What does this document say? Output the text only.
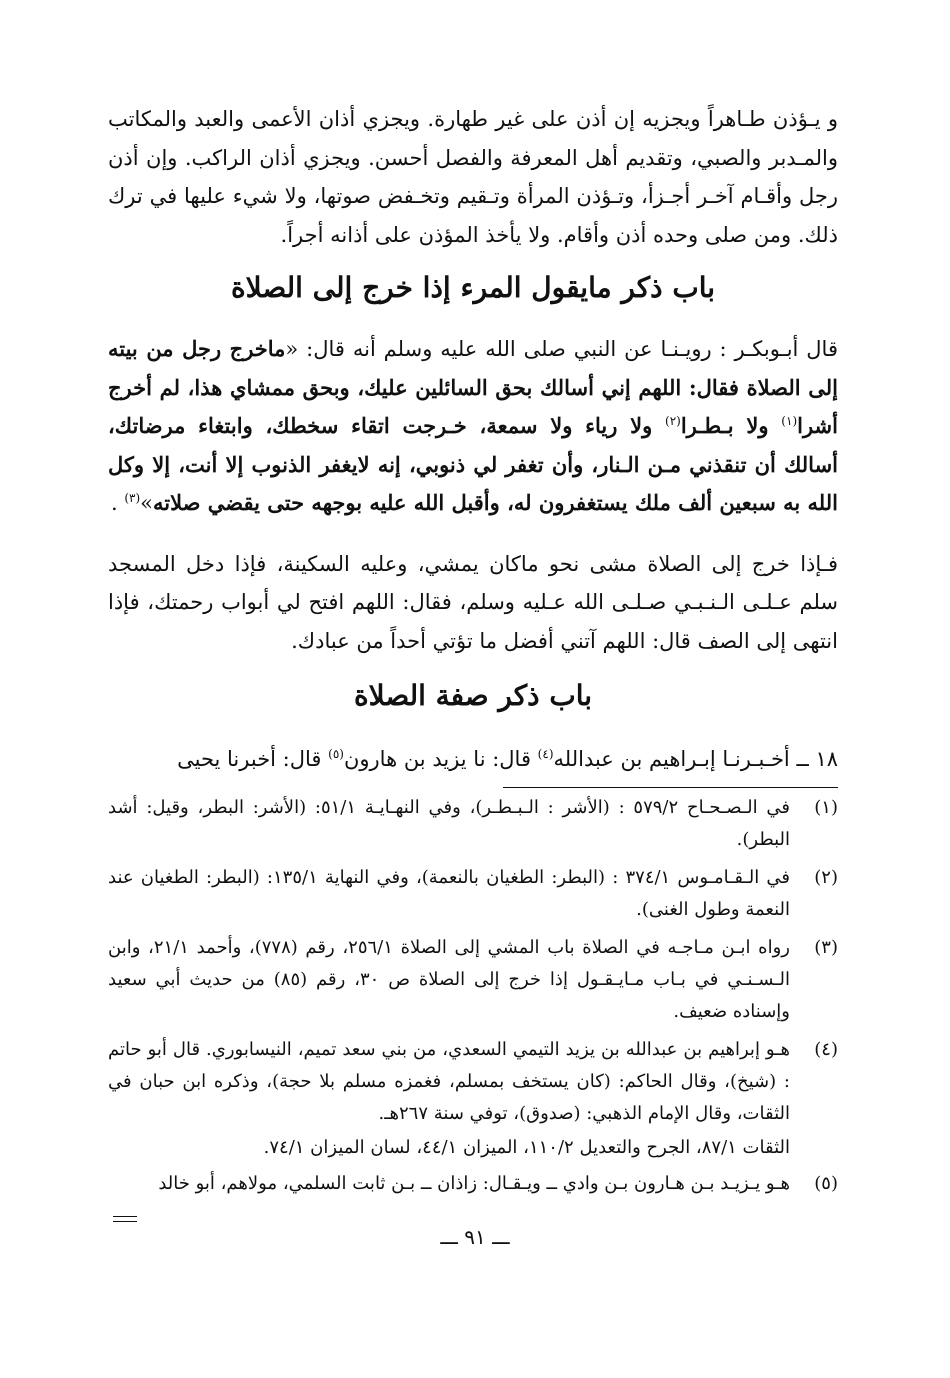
و يـؤذن طـاهراً ويجزيه إن أذن على غير طهارة. ويجزي أذان الأعمى والعبد والمكاتب والمـدبر والصبي، وتقديم أهل المعرفة والفصل أحسن. ويجزي أذان الراكب. وإن أذن رجل وأقـام آخـر أجـزأ، وتـؤذن المرأة وتـقيم وتخـفض صوتها، ولا شيء عليها في ترك ذلك. ومن صلى وحده أذن وأقام. ولا يأخذ المؤذن على أذانه أجراً.

باب ذكر مايقول المرء إذا خرج إلى الصلاة

قال أبـوبكـر : رويـنـا عن النبي صلى الله عليه وسلم أنه قال: «ماخرج رجل من بيته إلى الصلاة فقال: اللهم إني أسالك بحق السائلين عليك، وبحق ممشاي هذا، لم أخرج أشرا$^{(١)}$ ولا بـطـرا$^{(٢)}$ ولا رياء ولا سمعة، خـرجت اتقاء سخطك، وابتغاء مرضاتك، أسالك أن تنقذني مـن الـنار، وأن تغفر لي ذنوبي، إنه لايغفر الذنوب إلا أنت، إلا وكل الله به سبعين ألف ملك يستغفرون له، وأقبل الله عليه بوجهه حتى يقضي صلاته»$^{(٣)}$ .

فـإذا خرج إلى الصلاة مشى نحو ماكان يمشي، وعليه السكينة، فإذا دخل المسجد سلم عـلـى الـنـبـي صـلـى الله عـليه وسلم، فقال: اللهم افتح لي أبواب رحمتك، فإذا انتهى إلى الصف قال: اللهم آتني أفضل ما تؤتي أحداً من عبادك.

باب ذكر صفة الصلاة

١٨ ــ أخـبـرنـا إبـراهيم بن عبدالله$^{(٤)}$ قال: نا يزيد بن هارون$^{(٥)}$ قال: أخبرنا يحيى

(١)
في الـصـحـاح ٥٧٩/٢ : (الأشر : الـبـطـر)، وفي النهـايـة ٥١/١: (الأشر: البطر، وقيل: أشد البطر).
(٢)
في الـقـامـوس ٣٧٤/١ : (البطر: الطغيان بالنعمة)، وفي النهاية ١٣٥/١: (البطر: الطغيان عند النعمة وطول الغنى).
(٣)
رواه ابـن مـاجـه في الصلاة باب المشي إلى الصلاة ٢٥٦/١، رقم (٧٧٨)، وأحمد ٢١/١، وابن الـسـنـي في بـاب مـايـقـول إذا خرج إلى الصلاة ص ٣٠، رقم (٨٥) من حديث أبي سعيد وإسناده ضعيف.
(٤)
هـو إبراهيم بن عبدالله بن يزيد التيمي السعدي، من بني سعد تميم، النيسابوري. قال أبو حاتم : (شيخ)، وقال الحاكم: (كان يستخف بمسلم، فغمزه مسلم بلا حجة)، وذكره ابن حبان في الثقات، وقال الإمام الذهبي: (صدوق)، توفي سنة ٢٦٧هـ.
الثقات ٨٧/١، الجرح والتعديل ١١٠/٢، الميزان ٤٤/١، لسان الميزان ٧٤/١.
(٥)
هـو يـزيـد بـن هـارون بـن وادي ــ ويـقـال: زاذان ــ بـن ثابت السلمي، مولاهم، أبو خالد
ـــ ٩١ ـــ
